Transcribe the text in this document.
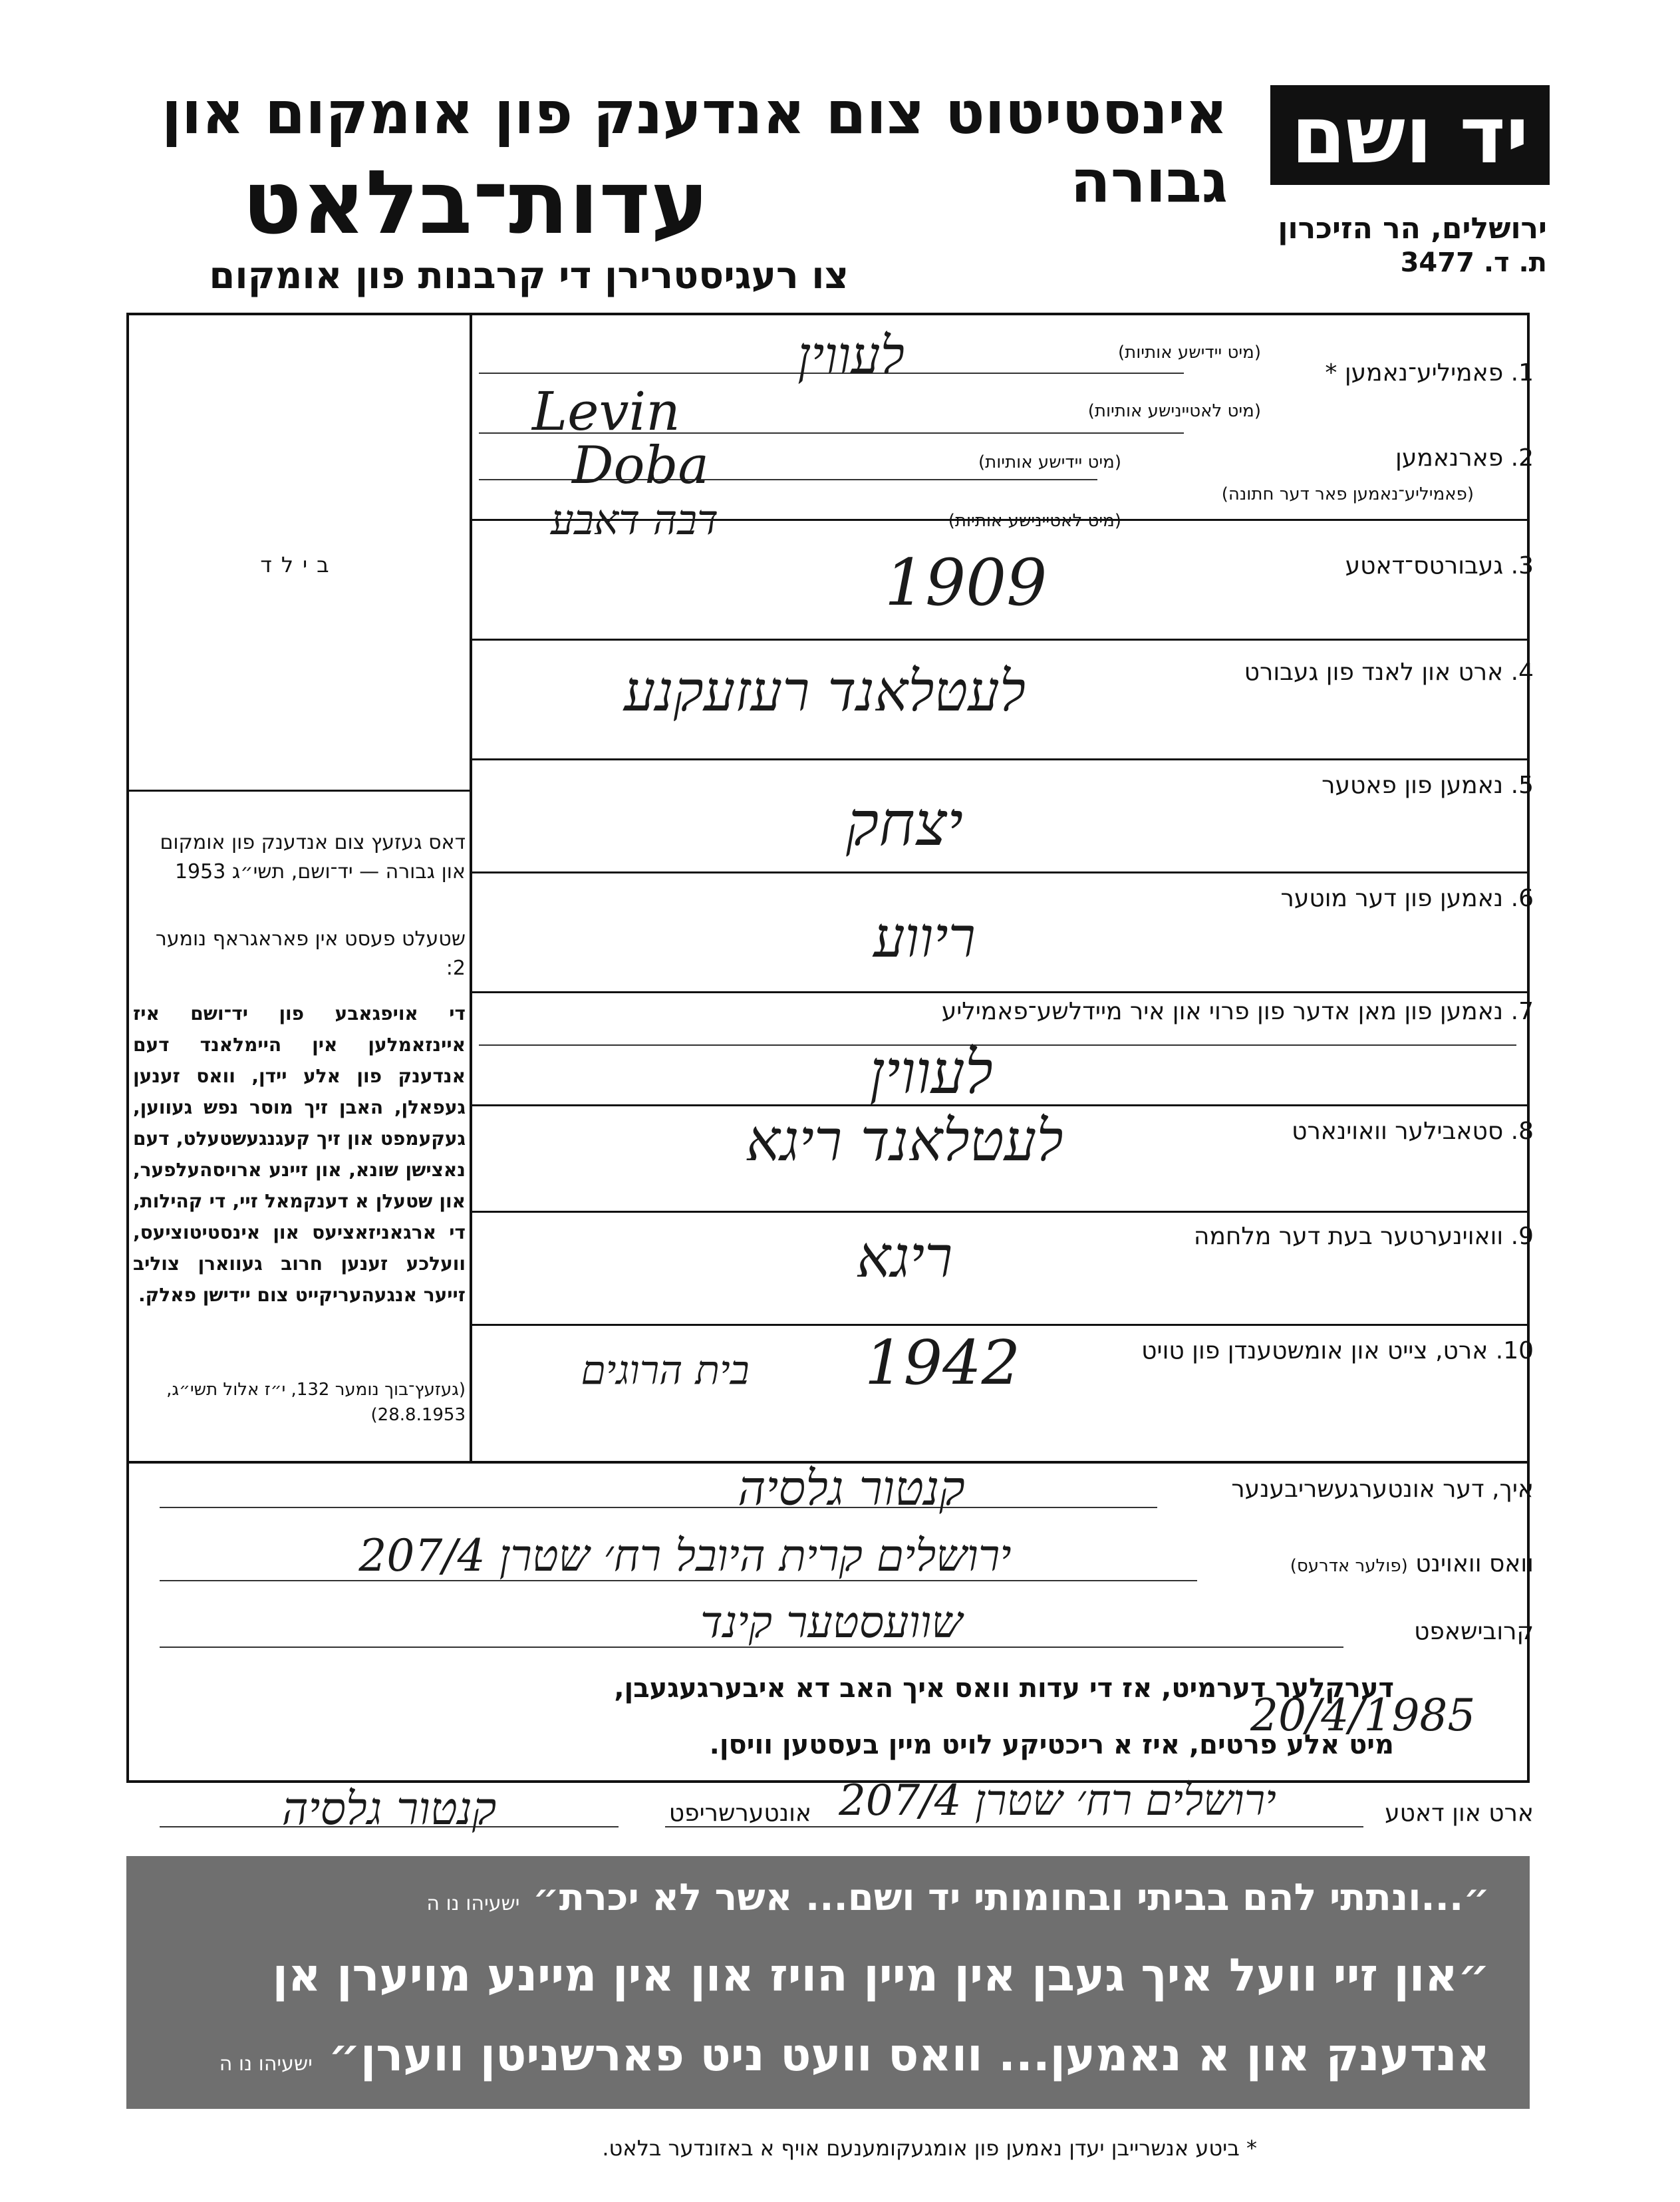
יד ושם
אינסטיטוט צום אנדענק פון אומקום און גבורה
עדות־בלאט
צו רעגיסטרירן די קרבנות פון אומקום
ירושלים, הר הזיכרון
ת. ד. 3477
בילד
דאס געזעץ צום אנדענק פון אומקום און גבורה — יד־ושם, תשי״ג 1953
שטעלט פעסט אין פאראגראף נומער 2:
די אויפגאבע פון יד־ושם איז איינזאמלען אין היימלאנד דעם אנדענק פון אלע יידן, וואס זענען געפאלן, האבן זיך מוסר נפש געווען, געקעמפט און זיך קעגנגעשטעלט, דעם נאצישן שונא, און זיינע ארויסהעלפער, און שטעלן א דענקמאל זיי, די קהילות, די ארגאניזאציעס און אינסטיטוציעס, וועלכע זענען חרוב געווארן צוליב זייער אנגעהעריקייט צום יידישן פאלק.
(געזעץ־בוך נומער 132, י״ז אלול תשי״ג, 28.8.1953)
1. פאמיליע־נאמען *
(מיט יידישע אותיות)
(מיט לאטיינישע אותיות)
לעווין
Levin
2. פארנאמען
(פאמיליע־נאמען פאר דער חתונה)
(מיט יידישע אותיות)
(מיט לאטיינישע אותיות)
Doba
דבה דאבע
3. געבורטס־דאטע
1909
4. ארט און לאנד פון געבורט
לעטלאנד רעזעקנע
5. נאמען פון פאטער
יצחק
6. נאמען פון דער מוטער
ריווע
7. נאמען פון מאן אדער פון פרוי און איר מיידלשע־פאמיליע
לעווין
8. סטאבילער וואוינארט
לעטלאנד ריגא
9. וואוינערטער בעת דער מלחמה
ריגא
10. ארט, צייט און אומשטענדן פון טויט
1942
בית הרוגים
איך, דער אונטערגעשריבענער
קנטור גלסיה
וואס וואוינט (פולער אדרעס)
ירושלים קרית היובל רח׳ שטרן 207/4
קרובישאפט
שוועסטער קינד
דערקלער דערמיט, אז די עדות וואס איך האב דא איבערגעגעבן,
מיט אלע פרטים, איז א ריכטיקע לויט מיין בעסטען וויסן.
20/4/1985
ארט און דאטע
ירושלים רח׳ שטרן 207/4
אונטערשריפט
קנטור גלסיה
״...ונתתי להם בביתי ובחומותי יד ושם... אשר לא יכרת״ ישעיהו נו ה
״און זיי וועל איך געבן אין מיין הויז און אין מיינע מויערן אן
אנדענק און א נאמען... וואס וועט ניט פארשניטן ווערן״ ישעיהו נו ה
* ביטע אנשרייבן יעדן נאמען פון אומגעקומענעם אויף א באזונדער בלאט.
